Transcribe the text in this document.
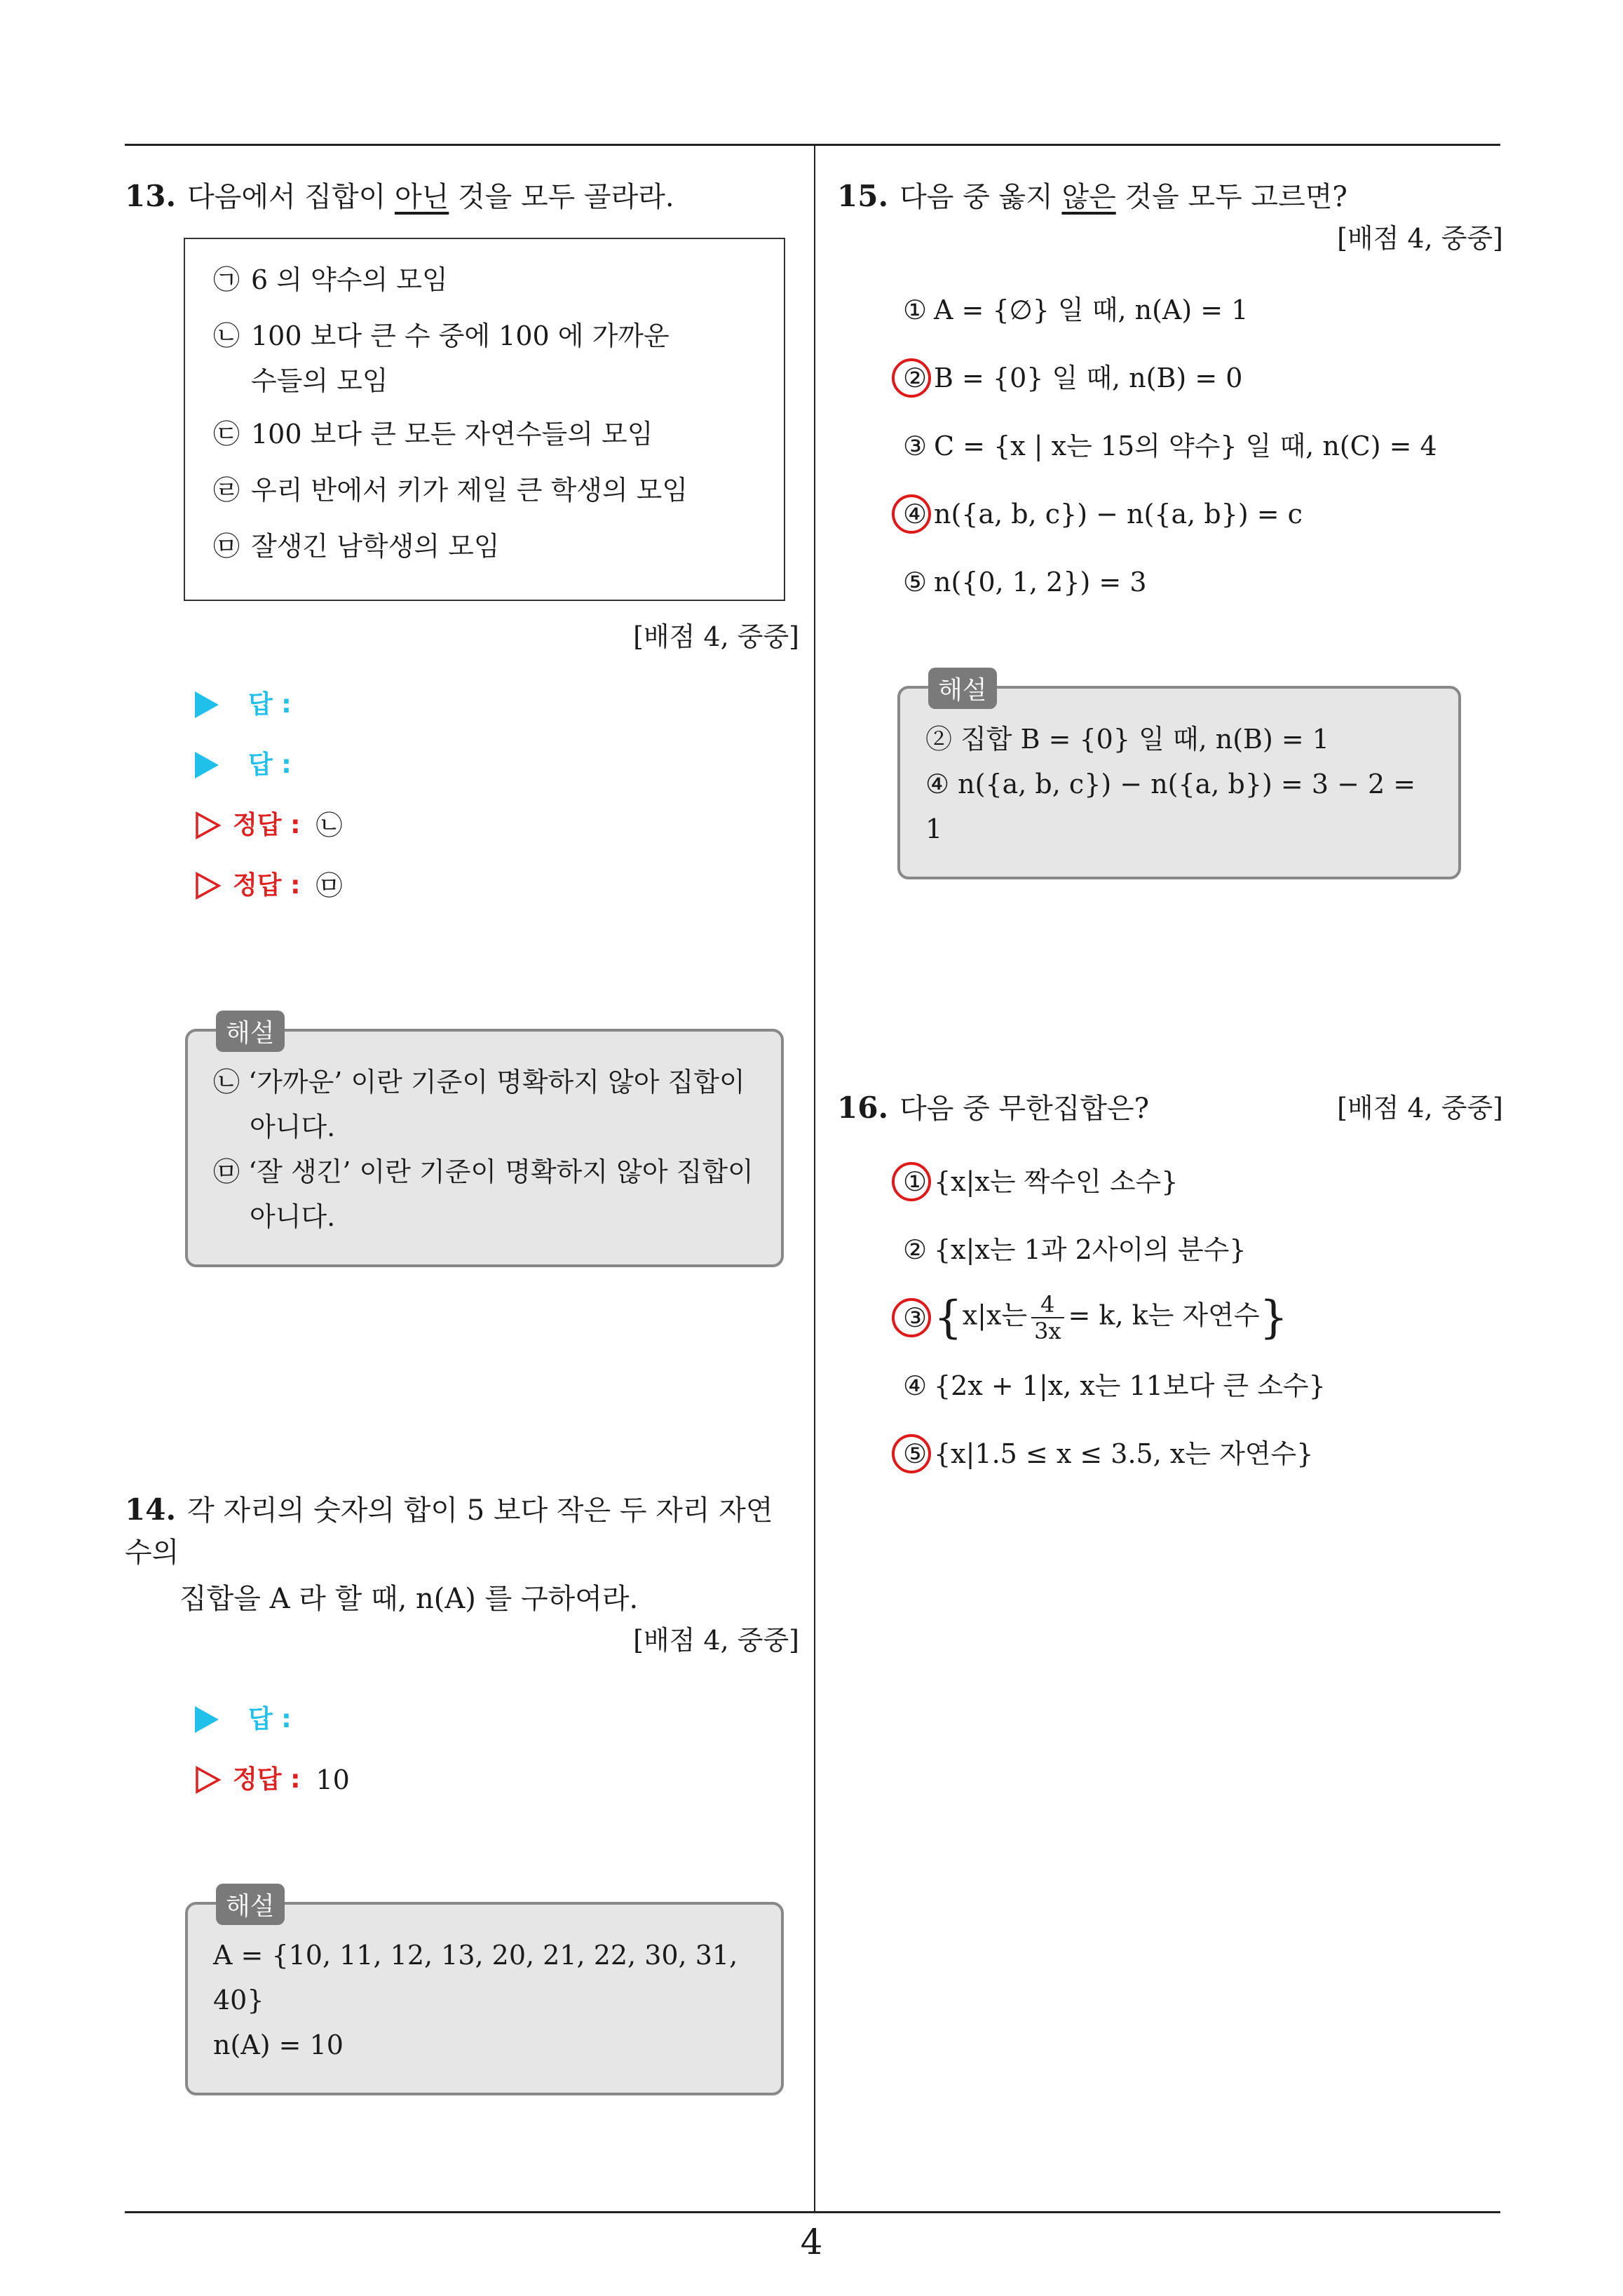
4
13. 다음에서 집합이 아닌 것을 모두 골라라.
㉠ 6 의 약수의 모임
㉡ 100 보다 큰 수 중에 100 에 가까운 수들의 모임
㉢ 100 보다 큰 모든 자연수들의 모임
㉣ 우리 반에서 키가 제일 큰 학생의 모임
㉤ 잘생긴 남학생의 모임
[배점 4, 중중]
답 :
답 :
정답 : ㉡
정답 : ㉤
해설
㉡ ‘가까운’ 이란 기준이 명확하지 않아 집합이 아니다.
㉤ ‘잘 생긴’ 이란 기준이 명확하지 않아 집합이 아니다.
14. 각 자리의 숫자의 합이 5 보다 작은 두 자리 자연수의
집합을 A 라 할 때, n(A) 를 구하여라.
[배점 4, 중중]
답 :
정답 : 10
해설
A = {10, 11, 12, 13, 20, 21, 22, 30, 31, 40}
n(A) = 10
15. 다음 중 옳지 않은 것을 모두 고르면?
[배점 4, 중중]
① A = {∅} 일 때, n(A) = 1
② B = {0} 일 때, n(B) = 0
③ C = {x | x는 15의 약수} 일 때, n(C) = 4
④ n({a, b, c}) − n({a, b}) = c
⑤ n({0, 1, 2}) = 3
해설
② 집합 B = {0} 일 때, n(B) = 1
④ n({a, b, c}) − n({a, b}) = 3 − 2 = 1
16. 다음 중 무한집합은?	[배점 4, 중중]
① {x|x는 짝수인 소수}
② {x|x는 1과 2사이의 분수}
③ {x|x는 $\frac{4}{3x} = k$, k는 자연수}
④ {2x + 1|x, x는 11보다 큰 소수}
⑤ {x|1.5 ≤ x ≤ 3.5, x는 자연수}
